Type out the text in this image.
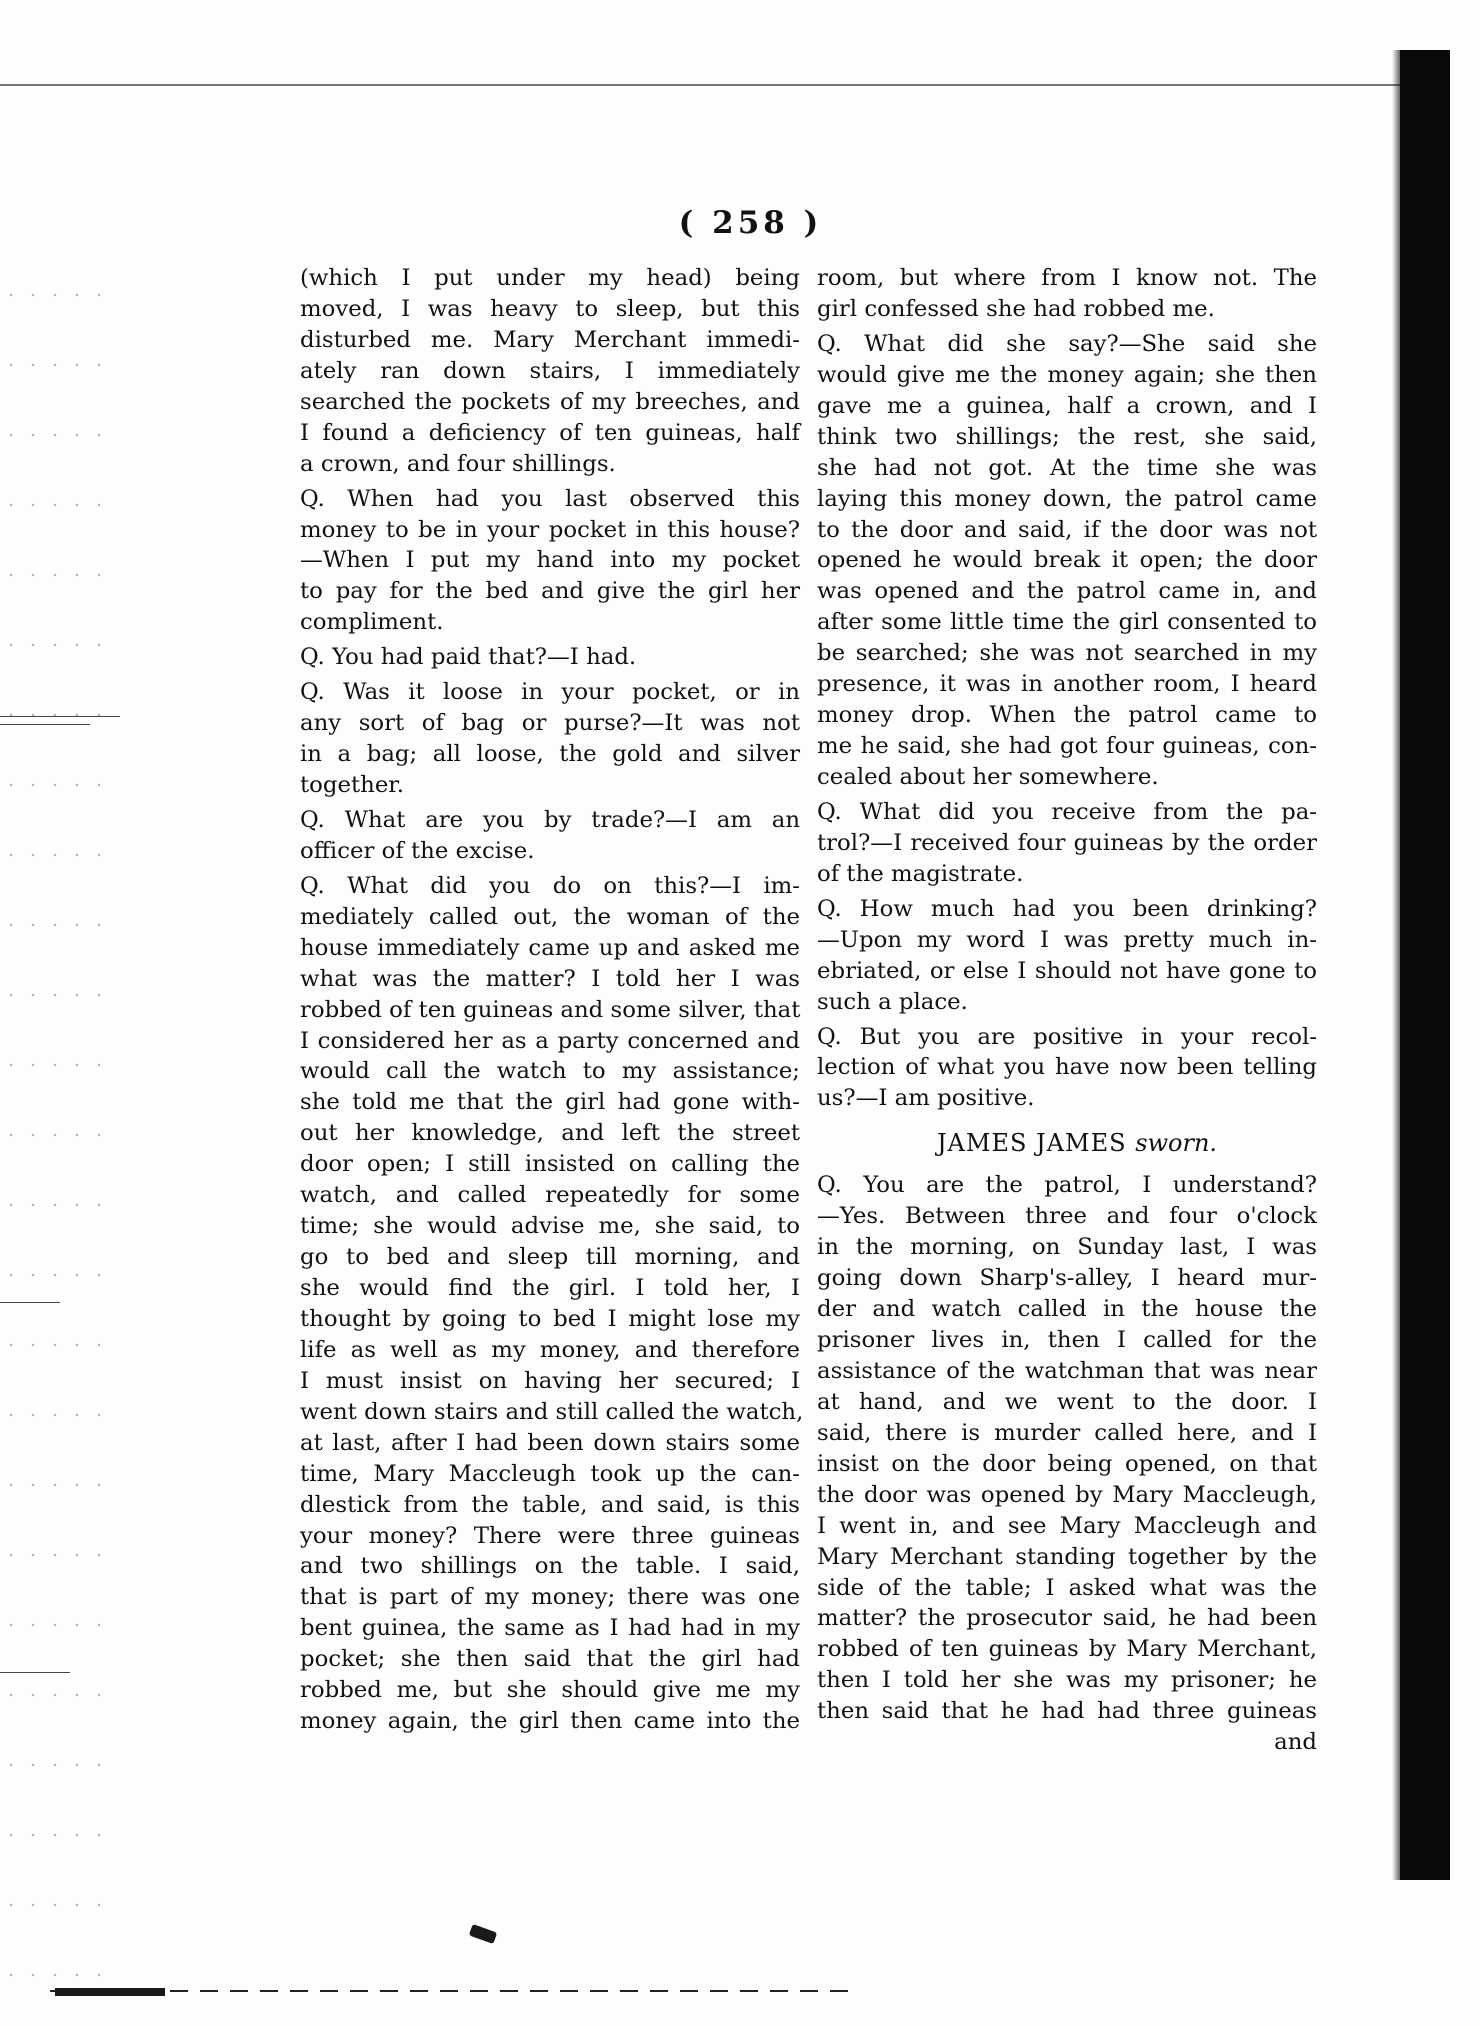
( 258 )
(which I put under my head) being
moved, I was heavy to sleep, but this
disturbed me. Mary Merchant immedi-
ately ran down stairs, I immediately
searched the pockets of my breeches, and
I found a deficiency of ten guineas, half
a crown, and four shillings.
Q. When had you last observed this
money to be in your pocket in this house?
—When I put my hand into my pocket
to pay for the bed and give the girl her
compliment.
Q. You had paid that?—I had.
Q. Was it loose in your pocket, or in
any sort of bag or purse?—It was not
in a bag; all loose, the gold and silver
together.
Q. What are you by trade?—I am an
officer of the excise.
Q. What did you do on this?—I im-
mediately called out, the woman of the
house immediately came up and asked me
what was the matter? I told her I was
robbed of ten guineas and some silver, that
I considered her as a party concerned and
would call the watch to my assistance;
she told me that the girl had gone with-
out her knowledge, and left the street
door open; I still insisted on calling the
watch, and called repeatedly for some
time; she would advise me, she said, to
go to bed and sleep till morning, and
she would find the girl. I told her, I
thought by going to bed I might lose my
life as well as my money, and therefore
I must insist on having her secured; I
went down stairs and still called the watch,
at last, after I had been down stairs some
time, Mary Maccleugh took up the can-
dlestick from the table, and said, is this
your money? There were three guineas
and two shillings on the table. I said,
that is part of my money; there was one
bent guinea, the same as I had had in my
pocket; she then said that the girl had
robbed me, but she should give me my
money again, the girl then came into the
room, but where from I know not. The
girl confessed she had robbed me.
Q. What did she say?—She said she
would give me the money again; she then
gave me a guinea, half a crown, and I
think two shillings; the rest, she said,
she had not got. At the time she was
laying this money down, the patrol came
to the door and said, if the door was not
opened he would break it open; the door
was opened and the patrol came in, and
after some little time the girl consented to
be searched; she was not searched in my
presence, it was in another room, I heard
money drop. When the patrol came to
me he said, she had got four guineas, con-
cealed about her somewhere.
Q. What did you receive from the pa-
trol?—I received four guineas by the order
of the magistrate.
Q. How much had you been drinking?
—Upon my word I was pretty much in-
ebriated, or else I should not have gone to
such a place.
Q. But you are positive in your recol-
lection of what you have now been telling
us?—I am positive.
JAMES JAMES sworn.
Q. You are the patrol, I understand?
—Yes. Between three and four o'clock
in the morning, on Sunday last, I was
going down Sharp's-alley, I heard mur-
der and watch called in the house the
prisoner lives in, then I called for the
assistance of the watchman that was near
at hand, and we went to the door. I
said, there is murder called here, and I
insist on the door being opened, on that
the door was opened by Mary Maccleugh,
I went in, and see Mary Maccleugh and
Mary Merchant standing together by the
side of the table; I asked what was the
matter? the prosecutor said, he had been
robbed of ten guineas by Mary Merchant,
then I told her she was my prisoner; he
then said that he had had three guineas
and
